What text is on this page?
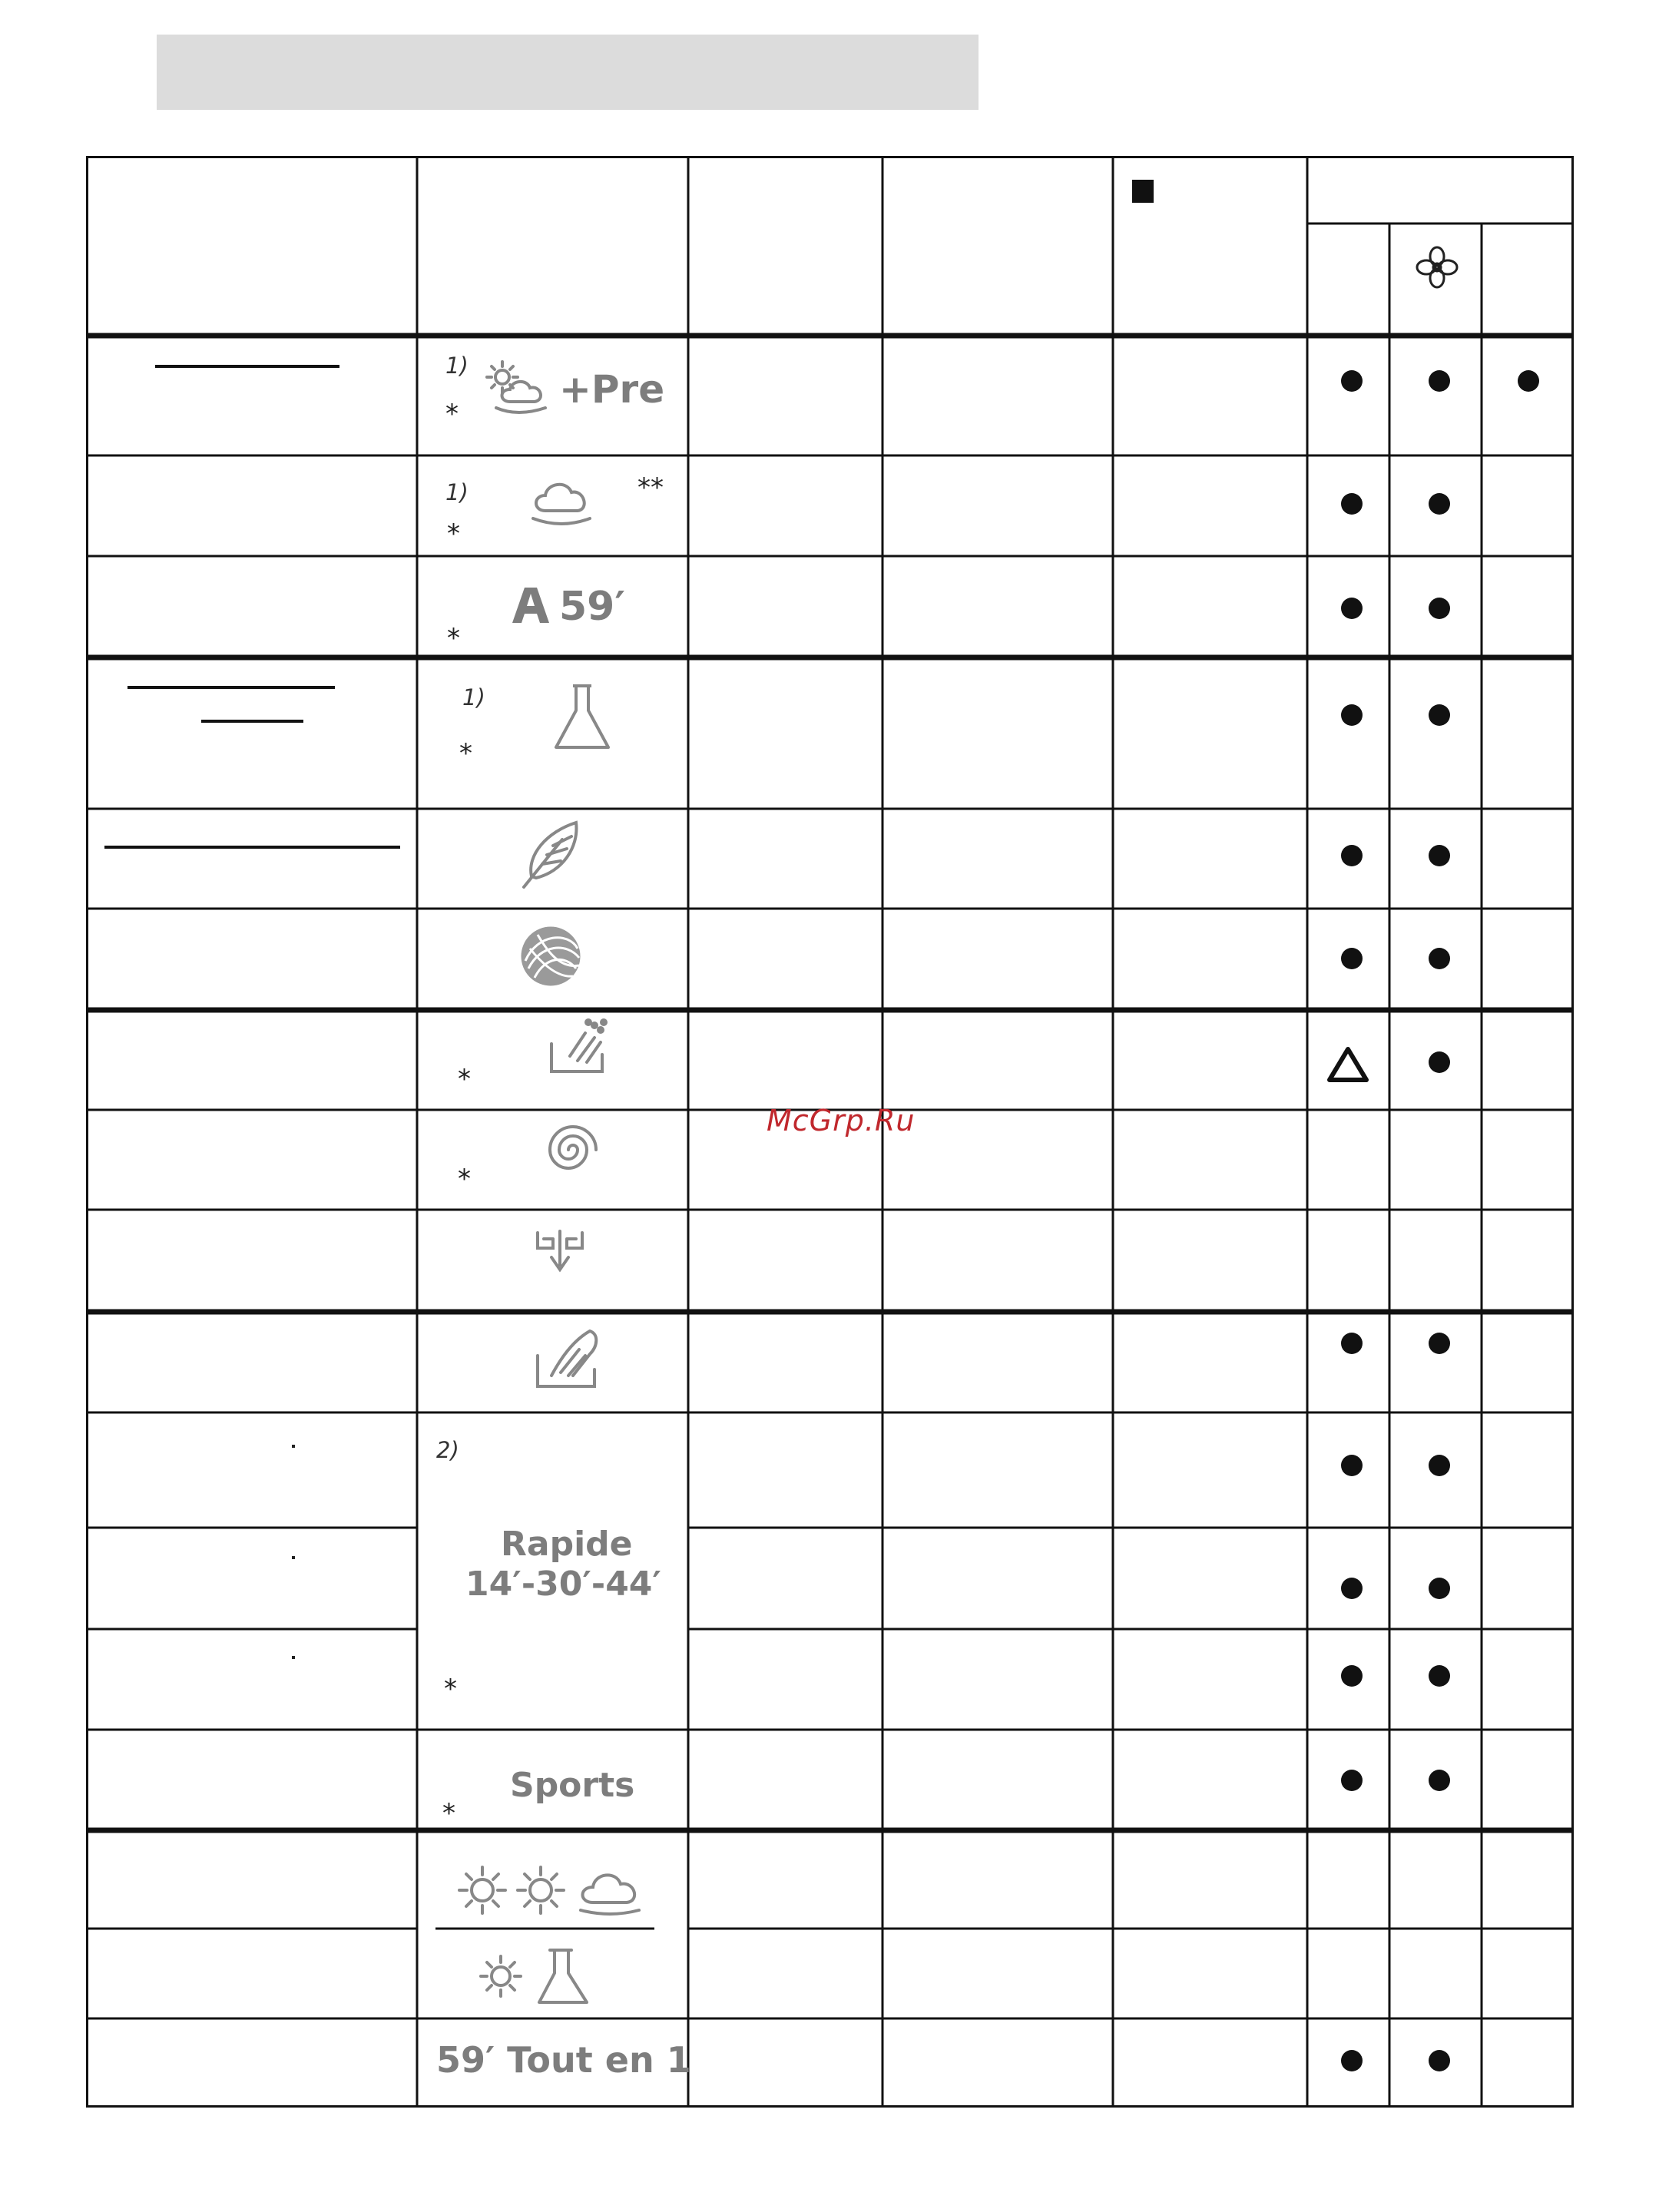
1)
*
+Pre
1)
*
**
*
59′
1)
*
*
*
2)
Rapide
14′-30′-44′
*
Sports
*
59′ Tout en 1
McGrp.Ru
